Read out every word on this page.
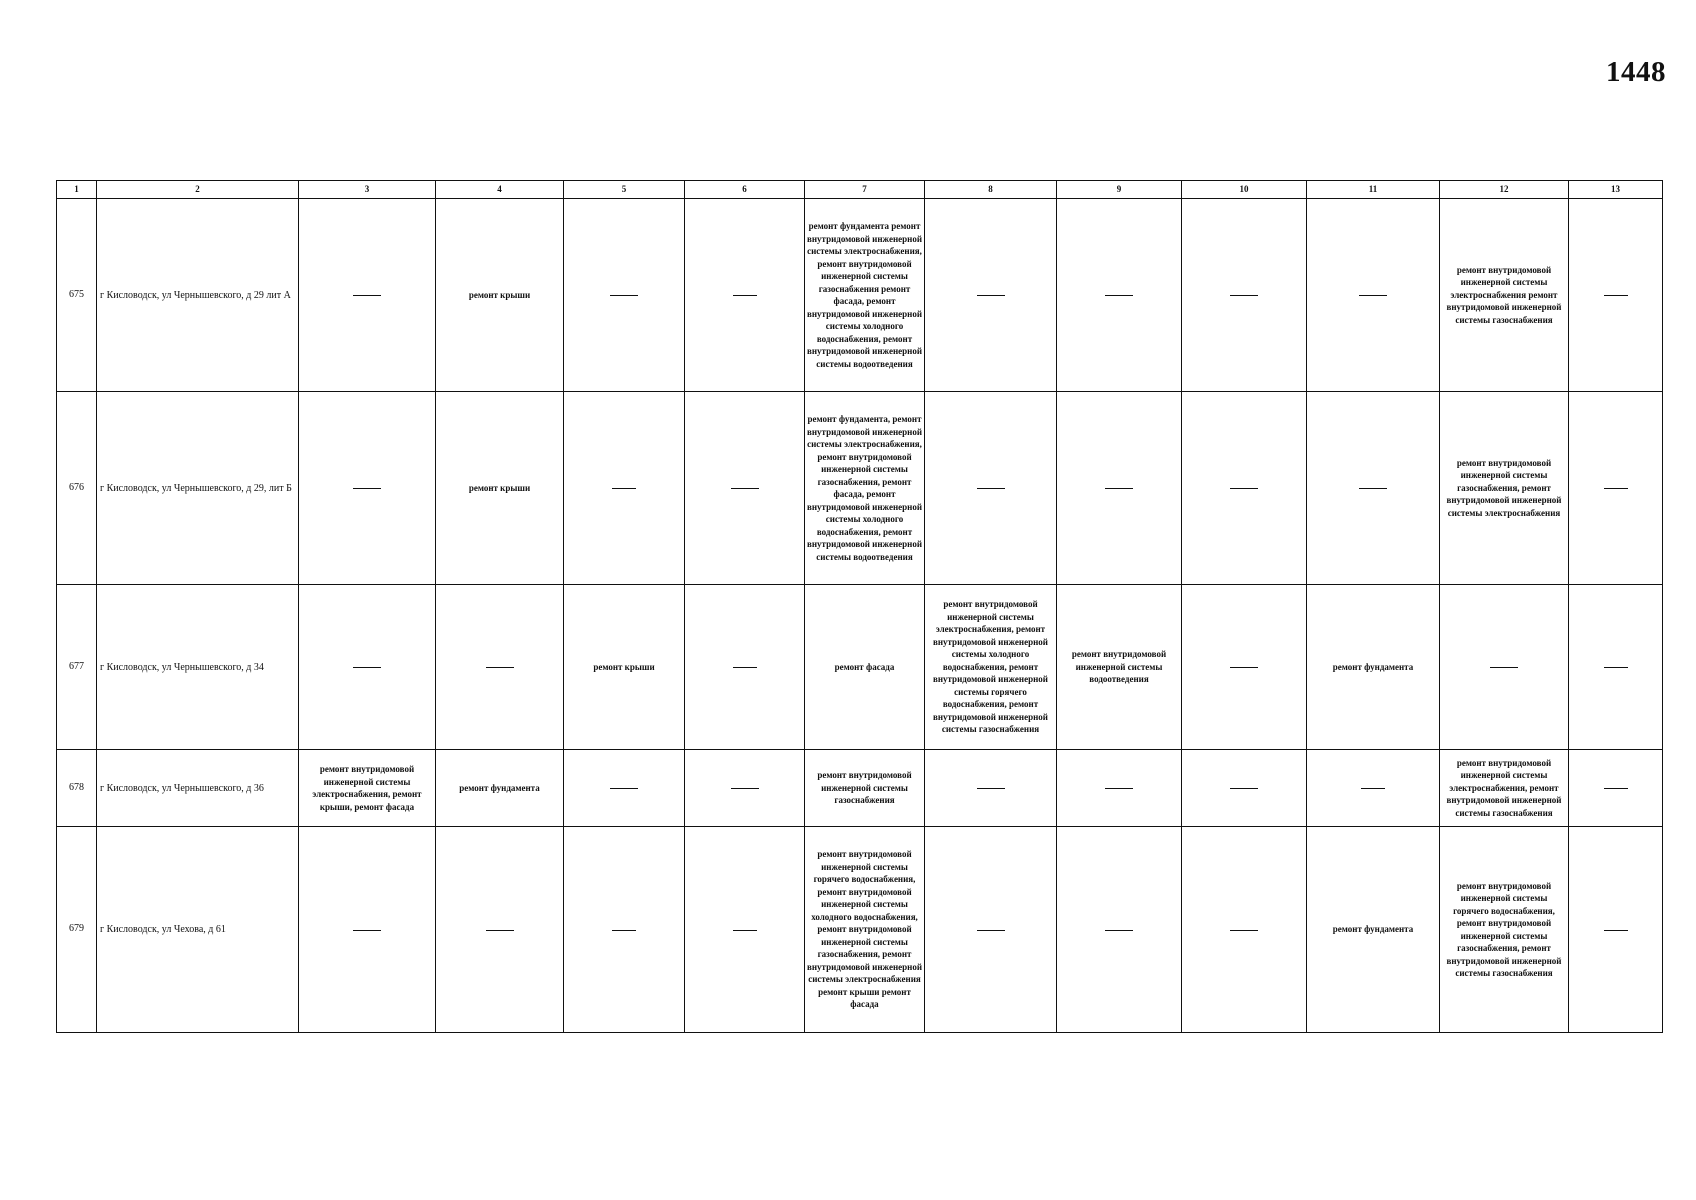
1448
1	2	3	4	5	6	7	8	9	10	11	12	13
675	г Кисловодск, ул Чернышевского, д 29 лит А		ремонт крыши			ремонт фундамента ремонт внутридомовой инженерной системы электроснабжения, ремонт внутридомовой инженерной системы газоснабжения ремонт фасада, ремонт внутридомовой инженерной системы холодного водоснабжения, ремонт внутридомовой инженерной системы водоотведения					ремонт внутридомовой инженерной системы электроснабжения ремонт внутридомовой инженерной системы газоснабжения	
676	г Кисловодск, ул Чернышевского, д 29, лит Б		ремонт крыши			ремонт фундамента, ремонт внутридомовой инженерной системы электроснабжения, ремонт внутридомовой инженерной системы газоснабжения, ремонт фасада, ремонт внутридомовой инженерной системы холодного водоснабжения, ремонт внутридомовой инженерной системы водоотведения					ремонт внутридомовой инженерной системы газоснабжения, ремонт внутридомовой инженерной системы электроснабжения	
677	г Кисловодск, ул Чернышевского, д 34			ремонт крыши		ремонт фасада	ремонт внутридомовой инженерной системы электроснабжения, ремонт внутридомовой инженерной системы холодного водоснабжения, ремонт внутридомовой инженерной системы горячего водоснабжения, ремонт внутридомовой инженерной системы газоснабжения	ремонт внутридомовой инженерной системы водоотведения		ремонт фундамента		
678	г Кисловодск, ул Чернышевского, д 36	ремонт внутридомовой инженерной системы электроснабжения, ремонт крыши, ремонт фасада	ремонт фундамента			ремонт внутридомовой инженерной системы газоснабжения					ремонт внутридомовой инженерной системы электроснабжения, ремонт внутридомовой инженерной системы газоснабжения	
679	г Кисловодск, ул Чехова, д 61					ремонт внутридомовой инженерной системы горячего водоснабжения, ремонт внутридомовой инженерной системы холодного водоснабжения, ремонт внутридомовой инженерной системы газоснабжения, ремонт внутридомовой инженерной системы электроснабжения ремонт крыши ремонт фасада				ремонт фундамента	ремонт внутридомовой инженерной системы горячего водоснабжения, ремонт внутридомовой инженерной системы газоснабжения, ремонт внутридомовой инженерной системы газоснабжения	
